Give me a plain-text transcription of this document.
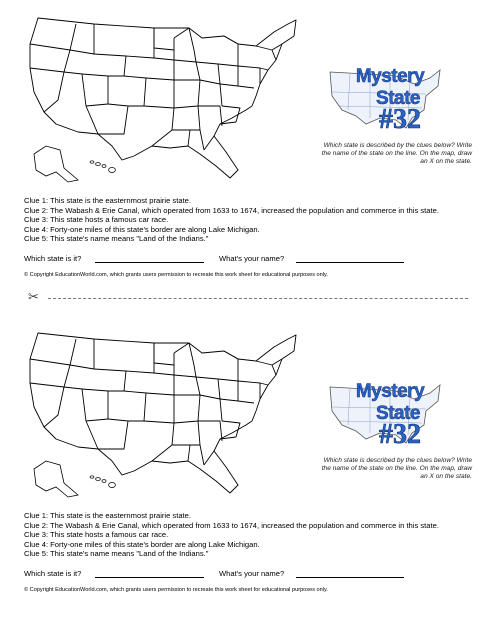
Mystery
State
#32
Which state is described by the clues below? Write the name of the state on the line. On the map, draw an X on the state.
Clue 1: This state is the easternmost prairie state.
Clue 2: The Wabash & Erie Canal, which operated from 1633 to 1674, increased the population and commerce in this state.
Clue 3: This state hosts a famous car race.
Clue 4: Forty-one miles of this state's border are along Lake Michigan.
Clue 5: This state's name means "Land of the Indians."
Which state is it?	What's your name?
© Copyright EducationWorld.com, which grants users permission to recreate this work sheet for educational purposes only.
✂
Mystery
State
#32
Which state is described by the clues below? Write the name of the state on the line. On the map, draw an X on the state.
Clue 1: This state is the easternmost prairie state.
Clue 2: The Wabash & Erie Canal, which operated from 1633 to 1674, increased the population and commerce in this state.
Clue 3: This state hosts a famous car race.
Clue 4: Forty-one miles of this state's border are along Lake Michigan.
Clue 5: This state's name means "Land of the Indians."
Which state is it?	What's your name?
© Copyright EducationWorld.com, which grants users permission to recreate this work sheet for educational purposes only.
